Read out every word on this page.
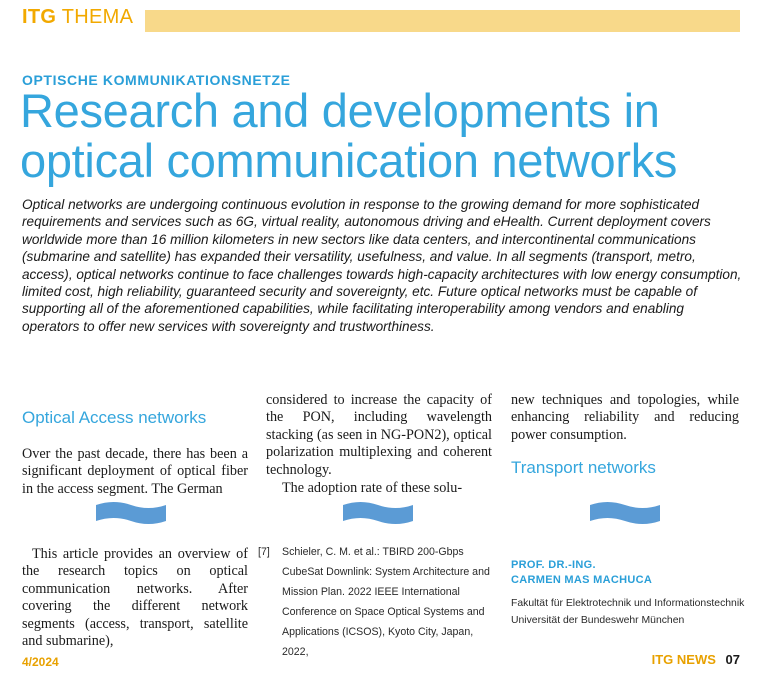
ITG THEMA
OPTISCHE KOMMUNIKATIONSNETZE
Research and developments in optical communication networks
Optical networks are undergoing continuous evolution in response to the growing demand for more sophisticated requirements and services such as 6G, virtual reality, autonomous driving and eHealth. Current deployment covers worldwide more than 16 million kilometers in new sectors like data centers, and intercontinental communications (submarine and satellite) has expanded their versatility, usefulness, and value. In all segments (transport, metro, access), optical networks continue to face challenges towards high-capacity architectures with low energy consumption, limited cost, high reliability, guaranteed security and sovereignty, etc. Future optical networks must be capable of supporting all of the aforementioned capabilities, while facilitating interoperability among vendors and enabling operators to offer new services with sovereignty and trustworthiness.
Optical Access networks
Over the past decade, there has been a significant deployment of optical fiber in the access segment. The German
This article provides an overview of the research topics on optical communication networks. After covering the different network segments (access, transport, satellite and submarine),
considered to increase the capacity of the PON, including wavelength stacking (as seen in NG-PON2), optical polarization multiplexing and coherent technology.
The adoption rate of these solu-
[7]	Schieler, C. M. et al.: TBIRD 200-Gbps CubeSat Downlink: System Architecture and Mission Plan. 2022 IEEE International Conference on Space Optical Systems and Applications (ICSOS), Kyoto City, Japan, 2022,
new techniques and topologies, while enhancing reliability and reducing power consumption.
Transport networks
PROF. DR.-ING.
CARMEN MAS MACHUCA
Fakultät für Elektrotechnik und Informationstechnik Universität der Bundeswehr München
4/2024	ITG NEWS 07
